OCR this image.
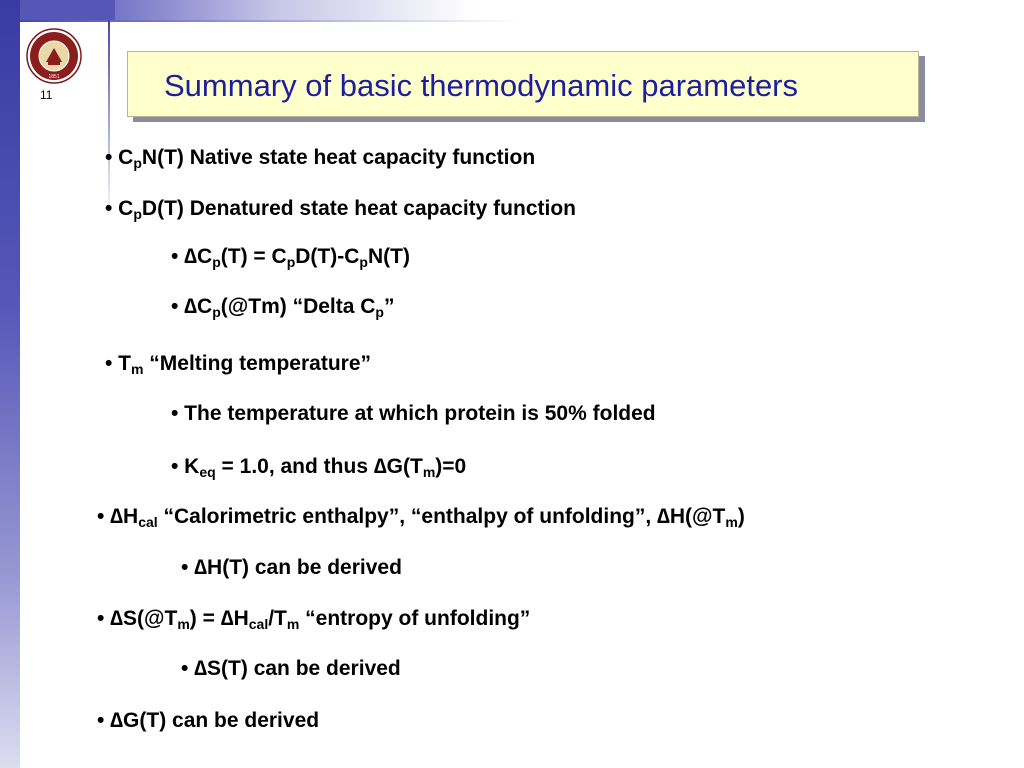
1851
11	Summary of basic thermodynamic parameters
• $C_pN(T)$ Native state heat capacity function
• $C_pD(T)$ Denatured state heat capacity function
• $\Delta C_p(T) = C_pD(T)-C_pN(T)$
• $\Delta C_p(@Tm)$ “Delta $C_p$”
• $T_m$ “Melting temperature”
• The temperature at which protein is 50% folded
• $K_{eq} = 1.0$, and thus $\Delta G(T_m)=0$
• $\Delta H_{cal}$ “Calorimetric enthalpy”, “enthalpy of unfolding”, $\Delta H(@T_m)$
• ∆H(T) can be derived
• $\Delta S(@T_m) = \Delta H_{cal}/T_m$ “entropy of unfolding”
• ∆S(T) can be derived
• ∆G(T) can be derived
